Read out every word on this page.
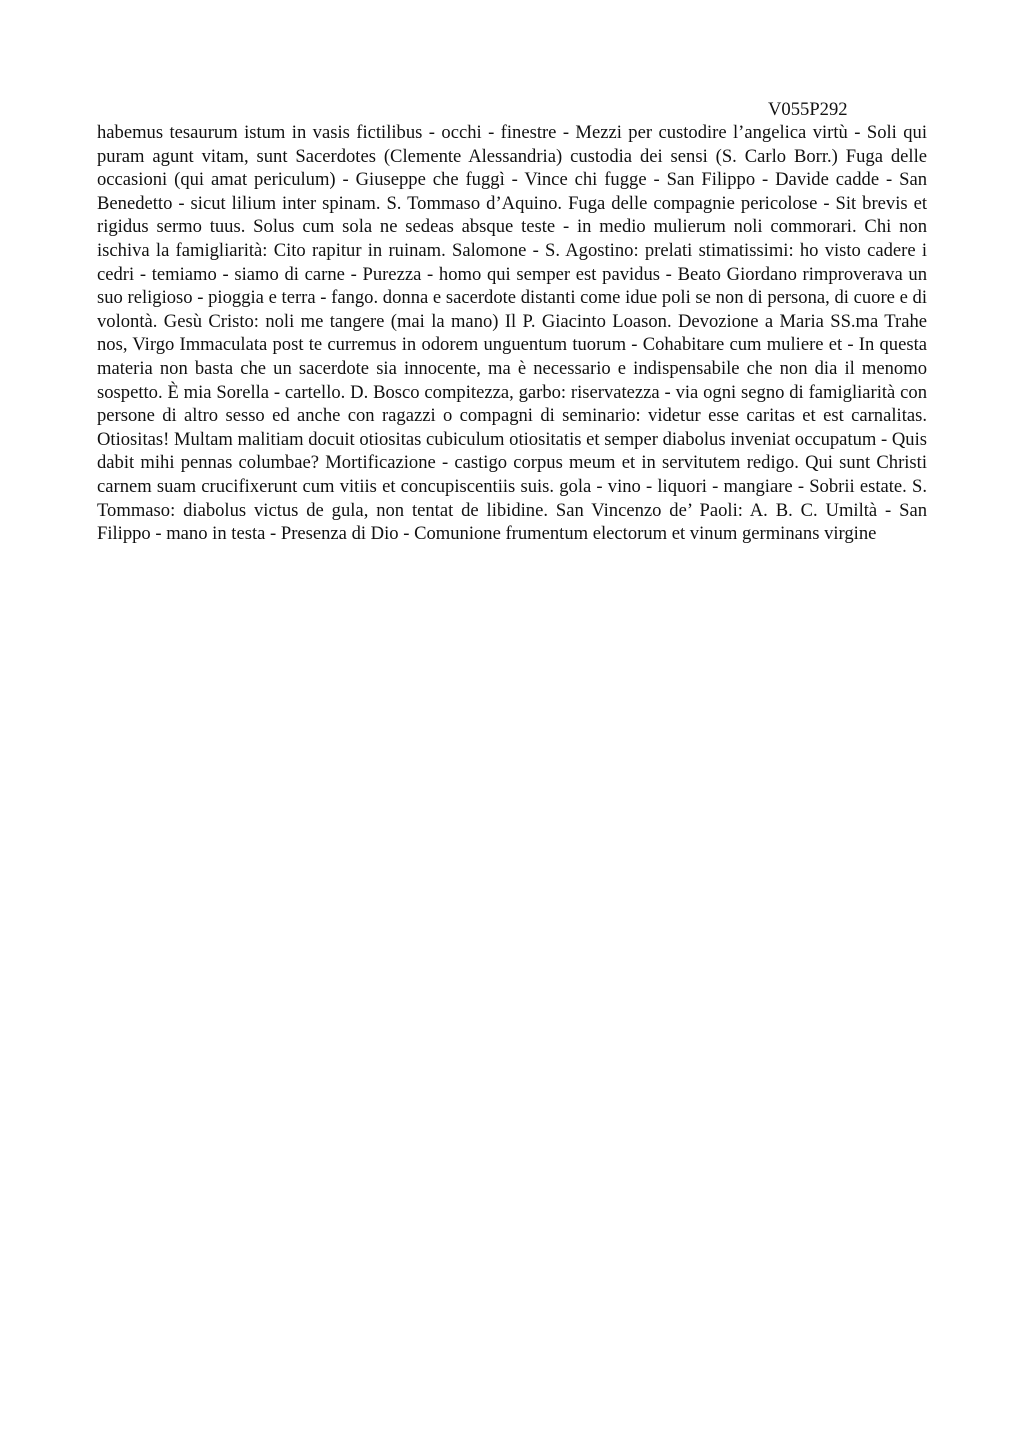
V055P292

habemus tesaurum istum in vasis fictilibus - occhi - finestre - Mezzi per custodire l’angelica virtù - Soli qui puram agunt vitam, sunt Sacerdotes (Clemente Alessandria) custodia dei sensi (S. Carlo Borr.) Fuga delle occasioni (qui amat periculum) - Giuseppe che fuggì - Vince chi fugge - San Filippo - Davide cadde - San Benedetto - sicut lilium inter spinam. S. Tommaso d’Aquino. Fuga delle compagnie pericolose - Sit brevis et rigidus sermo tuus. Solus cum sola ne sedeas absque teste - in medio mulierum noli commorari. Chi non ischiva la famigliarità: Cito rapitur in ruinam. Salomone - S. Agostino: prelati stimatissimi: ho visto cadere i cedri - temiamo - siamo di carne - Purezza - homo qui semper est pavidus - Beato Giordano rimproverava un suo religioso - pioggia e terra - fango. donna e sacerdote distanti come idue poli se non di persona, di cuore e di volontà. Gesù Cristo: noli me tangere (mai la mano) Il P. Giacinto Loason. Devozione a Maria SS.ma Trahe nos, Virgo Immaculata post te curremus in odorem unguentum tuorum - Cohabitare cum muliere et - In questa materia non basta che un sacerdote sia innocente, ma è necessario e indispensabile che non dia il menomo sospetto. È mia Sorella - cartello. D. Bosco compitezza, garbo: riservatezza - via ogni segno di famigliarità con persone di altro sesso ed anche con ragazzi o compagni di seminario: videtur esse caritas et est carnalitas. Otiositas! Multam malitiam docuit otiositas cubiculum otiositatis et semper diabolus inveniat occupatum - Quis dabit mihi pennas columbae? Mortificazione - castigo corpus meum et in servitutem redigo. Qui sunt Christi carnem suam crucifixerunt cum vitiis et concupiscentiis suis. gola - vino - liquori - mangiare - Sobrii estate. S. Tommaso: diabolus victus de gula, non tentat de libidine. San Vincenzo de’ Paoli: A. B. C. Umiltà - San Filippo - mano in testa - Presenza di Dio - Comunione frumentum electorum et vinum germinans virgine
